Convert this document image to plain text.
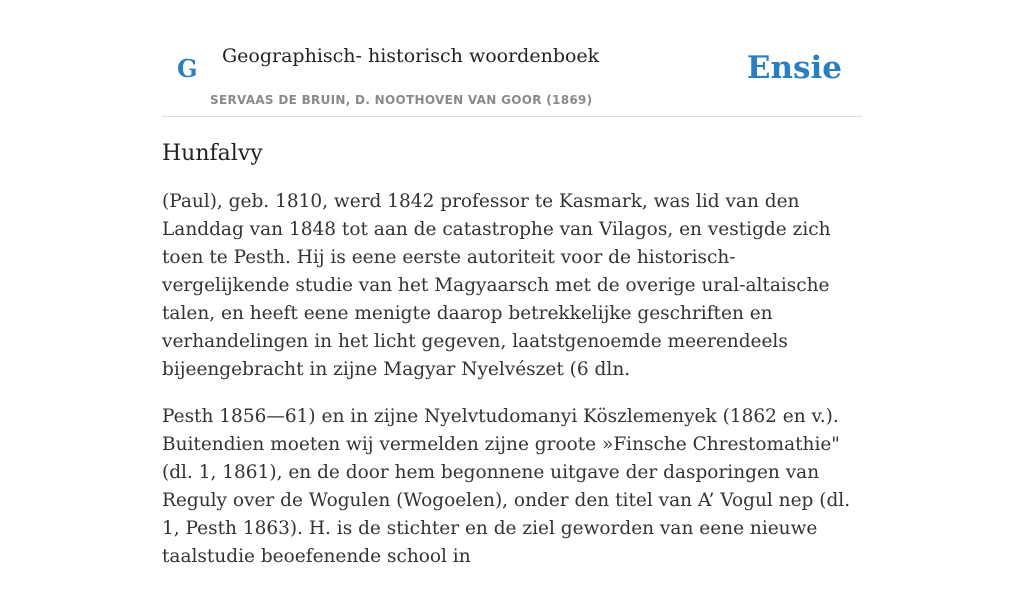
G Geographisch- historisch woordenboek
SERVAAS DE BRUIN, D. NOOTHOVEN VAN GOOR (1869)
Ensie
Hunfalvy

(Paul), geb. 1810, werd 1842 professor te Kasmark, was lid van den Landdag van 1848 tot aan de catastrophe van Vilagos, en vestigde zich toen te Pesth. Hij is eene eerste autoriteit voor de historisch-vergelijkende studie van het Magyaarsch met de overige ural-altaische talen, en heeft eene menigte daarop betrekkelijke geschriften en verhandelingen in het licht gegeven, laatstgenoemde meerendeels bijeengebracht in zijne Magyar Nyelvészet (6 dln.

Pesth 1856—61) en in zijne Nyelvtudomanyi Köszlemenyek (1862 en v.). Buitendien moeten wij vermelden zijne groote »Finsche Chrestomathie" (dl. 1, 1861), en de door hem begonnene uitgave der dasporingen van Reguly over de Wogulen (Wogoelen), onder den titel van A’ Vogul nep (dl. 1, Pesth 1863). H. is de stichter en de ziel geworden van eene nieuwe taalstudie beoefenende school in
